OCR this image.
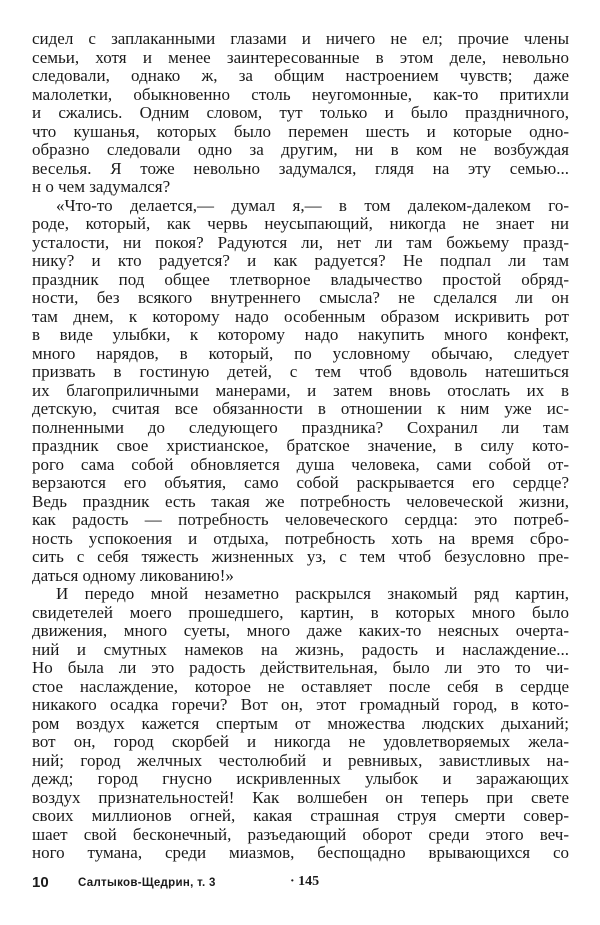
сидел с заплаканными глазами и ничего не ел; прочие члены
семьи, хотя и менее заинтересованные в этом деле, невольно
следовали, однако ж, за общим настроением чувств; даже
малолетки, обыкновенно столь неугомонные, как-то притихли
и сжались. Одним словом, тут только и было праздничного,
что кушанья, которых было перемен шесть и которые одно-
образно следовали одно за другим, ни в ком не возбуждая
веселья. Я тоже невольно задумался, глядя на эту семью...
н о чем задумался?
«Что-то делается,— думал я,— в том далеком-далеком го-
роде, который, как червь неусыпающий, никогда не знает ни
усталости, ни покоя? Радуются ли, нет ли там божьему празд-
нику? и кто радуется? и как радуется? Не подпал ли там
праздник под общее тлетворное владычество простой обряд-
ности, без всякого внутреннего смысла? не сделался ли он
там днем, к которому надо особенным образом искривить рот
в виде улыбки, к которому надо накупить много конфект,
много нарядов, в который, по условному обычаю, следует
призвать в гостиную детей, с тем чтоб вдоволь натешиться
их благоприличными манерами, и затем вновь отослать их в
детскую, считая все обязанности в отношении к ним уже ис-
полненными до следующего праздника? Сохранил ли там
праздник свое христианское, братское значение, в силу кото-
рого сама собой обновляется душа человека, сами собой от-
верзаются его объятия, само собой раскрывается его сердце?
Ведь праздник есть такая же потребность человеческой жизни,
как радость — потребность человеческого сердца: это потреб-
ность успокоения и отдыха, потребность хоть на время сбро-
сить с себя тяжесть жизненных уз, с тем чтоб безусловно пре-
даться одному ликованию!»
И передо мной незаметно раскрылся знакомый ряд картин,
свидетелей моего прошедшего, картин, в которых много было
движения, много суеты, много даже каких-то неясных очерта-
ний и смутных намеков на жизнь, радость и наслаждение...
Но была ли это радость действительная, было ли это то чи-
стое наслаждение, которое не оставляет после себя в сердце
никакого осадка горечи? Вот он, этот громадный город, в кото-
ром воздух кажется спертым от множества людских дыханий;
вот он, город скорбей и никогда не удовлетворяемых жела-
ний; город желчных честолюбий и ревнивых, завистливых на-
дежд; город гнусно искривленных улыбок и заражающих
воздух признательностей! Как волшебен он теперь при свете
своих миллионов огней, какая страшная струя смерти совер-
шает свой бесконечный, разъедающий оборот среди этого веч-
ного тумана, среди миазмов, беспощадно врывающихся со
10	Салтыков-Щедрин, т. 3	· 145
